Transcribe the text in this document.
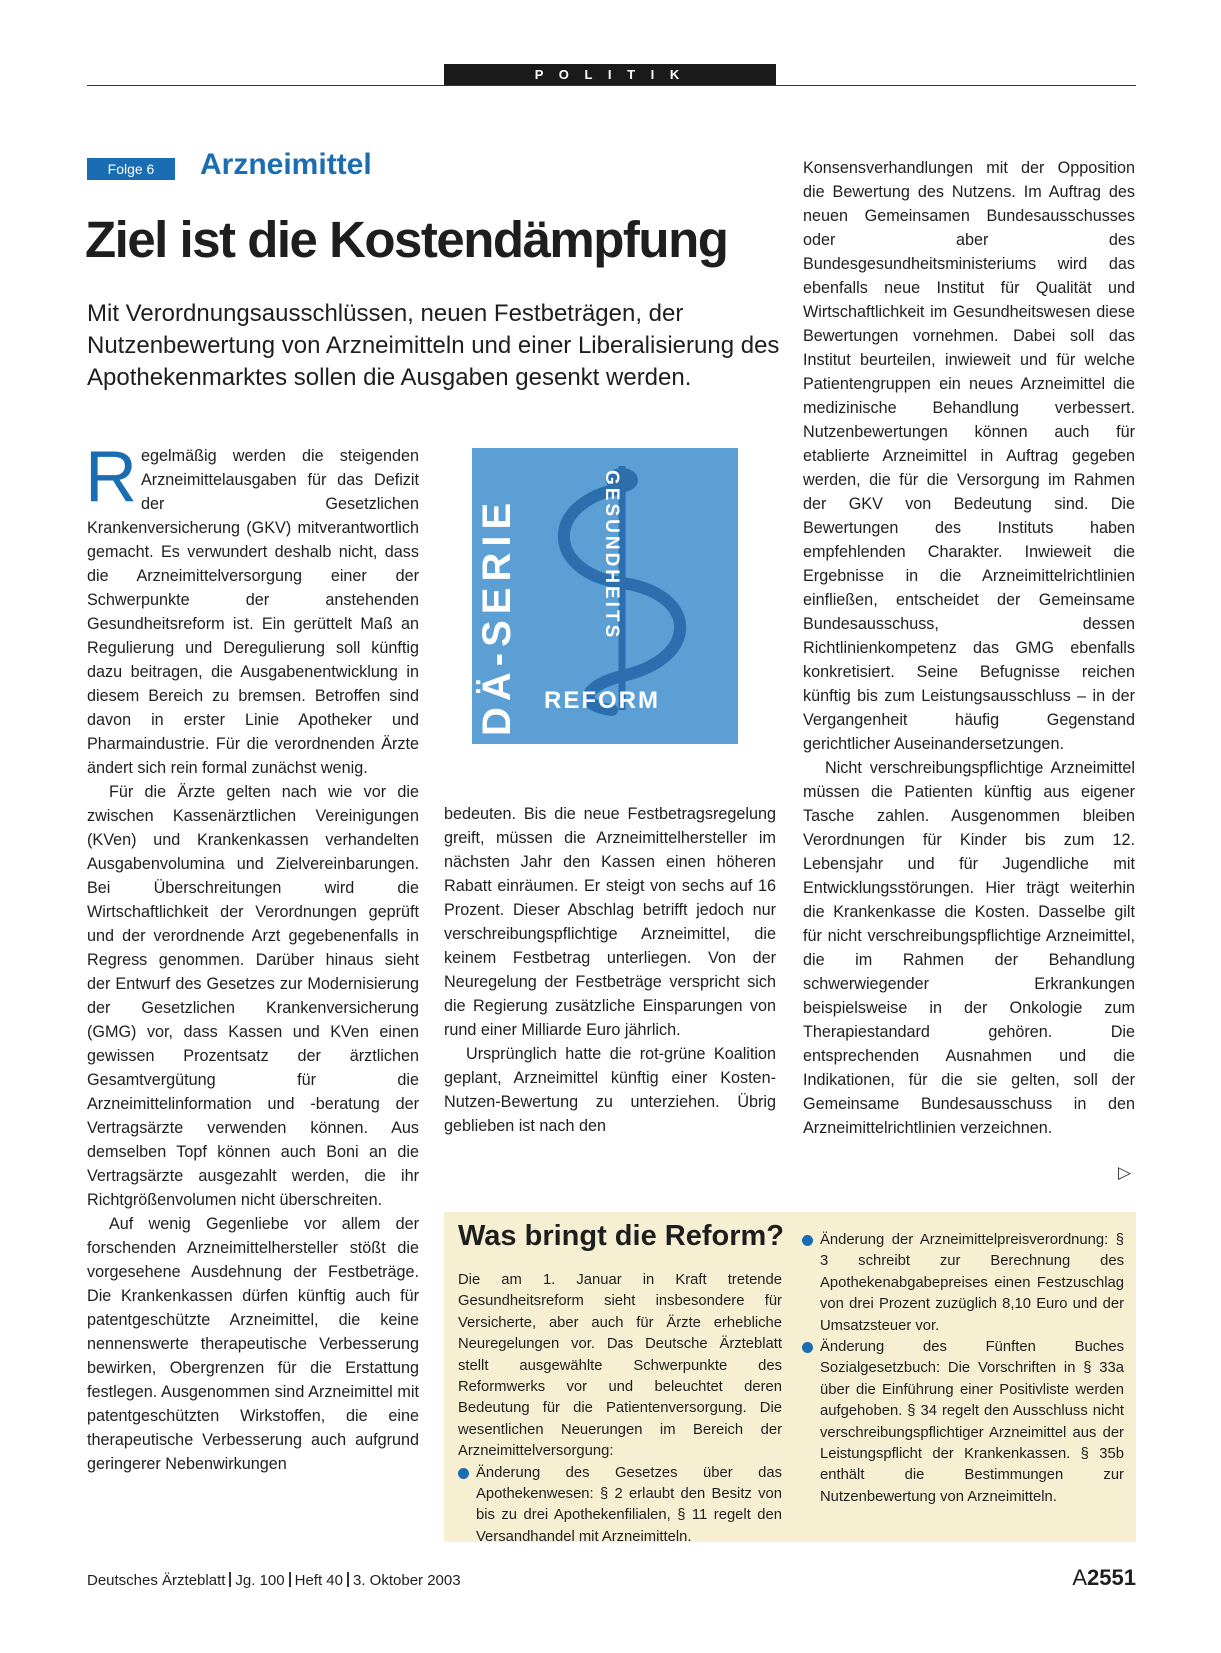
P O L I T I K
Folge 6	Arzneimittel
Ziel ist die Kostendämpfung
Mit Verordnungsausschlüssen, neuen Festbeträgen, der Nutzenbewertung von Arzneimitteln und einer Liberalisierung des Apothekenmarktes sollen die Ausgaben gesenkt werden.

Regelmäßig werden die steigenden Arzneimittelausgaben für das Defizit der Gesetzlichen Krankenversicherung (GKV) mitverantwortlich gemacht. Es verwundert deshalb nicht, dass die Arzneimittelversorgung einer der Schwerpunkte der anstehenden Gesundheitsreform ist. Ein gerüttelt Maß an Regulierung und Deregulierung soll künftig dazu beitragen, die Ausgabenentwicklung in diesem Bereich zu bremsen. Betroffen sind davon in erster Linie Apotheker und Pharmaindustrie. Für die verordnenden Ärzte ändert sich rein formal zunächst wenig.

Für die Ärzte gelten nach wie vor die zwischen Kassenärztlichen Vereinigungen (KVen) und Krankenkassen verhandelten Ausgabenvolumina und Zielvereinbarungen. Bei Überschreitungen wird die Wirtschaftlichkeit der Verordnungen geprüft und der verordnende Arzt gegebenenfalls in Regress genommen. Darüber hinaus sieht der Entwurf des Gesetzes zur Modernisierung der Gesetzlichen Krankenversicherung (GMG) vor, dass Kassen und KVen einen gewissen Prozentsatz der ärztlichen Gesamtvergütung für die Arzneimittelinformation und -beratung der Vertragsärzte verwenden können. Aus demselben Topf können auch Boni an die Vertragsärzte ausgezahlt werden, die ihr Richtgrößenvolumen nicht überschreiten.

Auf wenig Gegenliebe vor allem der forschenden Arzneimittelhersteller stößt die vorgesehene Ausdehnung der Festbeträge. Die Krankenkassen dürfen künftig auch für patentgeschützte Arzneimittel, die keine nennenswerte therapeutische Verbesserung bewirken, Obergrenzen für die Erstattung festlegen. Ausgenommen sind Arzneimittel mit patentgeschützten Wirkstoffen, die eine therapeutische Verbesserung auch aufgrund geringerer Nebenwirkungen

DÄ-SERIE	GESUNDHEITS
REFORM

bedeuten. Bis die neue Festbetragsregelung greift, müssen die Arzneimittelhersteller im nächsten Jahr den Kassen einen höheren Rabatt einräumen. Er steigt von sechs auf 16 Prozent. Dieser Abschlag betrifft jedoch nur verschreibungspflichtige Arzneimittel, die keinem Festbetrag unterliegen. Von der Neuregelung der Festbeträge verspricht sich die Regierung zusätzliche Einsparungen von rund einer Milliarde Euro jährlich.

Ursprünglich hatte die rot-grüne Koalition geplant, Arzneimittel künftig einer Kosten-Nutzen-Bewertung zu unterziehen. Übrig geblieben ist nach den

Konsensverhandlungen mit der Opposition die Bewertung des Nutzens. Im Auftrag des neuen Gemeinsamen Bundesausschusses oder aber des Bundesgesundheitsministeriums wird das ebenfalls neue Institut für Qualität und Wirtschaftlichkeit im Gesundheitswesen diese Bewertungen vornehmen. Dabei soll das Institut beurteilen, inwieweit und für welche Patientengruppen ein neues Arzneimittel die medizinische Behandlung verbessert. Nutzenbewertungen können auch für etablierte Arzneimittel in Auftrag gegeben werden, die für die Versorgung im Rahmen der GKV von Bedeutung sind. Die Bewertungen des Instituts haben empfehlenden Charakter. Inwieweit die Ergebnisse in die Arzneimittelrichtlinien einfließen, entscheidet der Gemeinsame Bundesausschuss, dessen Richtlinienkompetenz das GMG ebenfalls konkretisiert. Seine Befugnisse reichen künftig bis zum Leistungsausschluss – in der Vergangenheit häufig Gegenstand gerichtlicher Auseinandersetzungen.

Nicht verschreibungspflichtige Arzneimittel müssen die Patienten künftig aus eigener Tasche zahlen. Ausgenommen bleiben Verordnungen für Kinder bis zum 12. Lebensjahr und für Jugendliche mit Entwicklungsstörungen. Hier trägt weiterhin die Krankenkasse die Kosten. Dasselbe gilt für nicht verschreibungspflichtige Arzneimittel, die im Rahmen der Behandlung schwerwiegender Erkrankungen beispielsweise in der Onkologie zum Therapiestandard gehören. Die entsprechenden Ausnahmen und die Indikationen, für die sie gelten, soll der Gemeinsame Bundesausschuss in den Arzneimittelrichtlinien verzeichnen.

▷
Was bringt die Reform?

Die am 1. Januar in Kraft tretende Gesundheitsreform sieht insbesondere für Versicherte, aber auch für Ärzte erhebliche Neuregelungen vor. Das Deutsche Ärzteblatt stellt ausgewählte Schwerpunkte des Reformwerks vor und beleuchtet deren Bedeutung für die Patientenversorgung. Die wesentlichen Neuerungen im Bereich der Arzneimittelversorgung:

Änderung des Gesetzes über das Apothekenwesen: § 2 erlaubt den Besitz von bis zu drei Apothekenfilialen, § 11 regelt den Versandhandel mit Arzneimitteln.

Änderung der Arzneimittelpreisverordnung: § 3 schreibt zur Berechnung des Apothekenabgabepreises einen Festzuschlag von drei Prozent zuzüglich 8,10 Euro und der Umsatzsteuer vor.

Änderung des Fünften Buches Sozialgesetzbuch: Die Vorschriften in § 33a über die Einführung einer Positivliste werden aufgehoben. § 34 regelt den Ausschluss nicht verschreibungspflichtiger Arzneimittel aus der Leistungspflicht der Krankenkassen. § 35b enthält die Bestimmungen zur Nutzenbewertung von Arzneimitteln.

Deutsches Ärzteblatt Jg. 100 Heft 40 3. Oktober 2003	A2551
